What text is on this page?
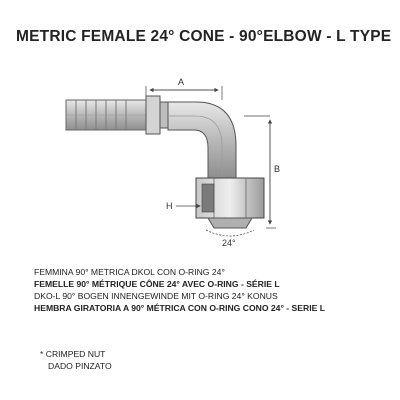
METRIC FEMALE 24° CONE - 90°ELBOW - L TYPE
A
B
H
24°
FEMMINA 90° METRICA DKOL CON O-RING 24°
FEMELLE 90° MÉTRIQUE CÔNE 24° AVEC O-RING - SÉRIE L
DKO-L 90° BOGEN INNENGEWINDE MIT O-RING 24° KONUS
HEMBRA GIRATORIA A 90° MÉTRICA CON O-RING CONO 24° - SERIE L
* CRIMPED NUT
DADO PINZATO
